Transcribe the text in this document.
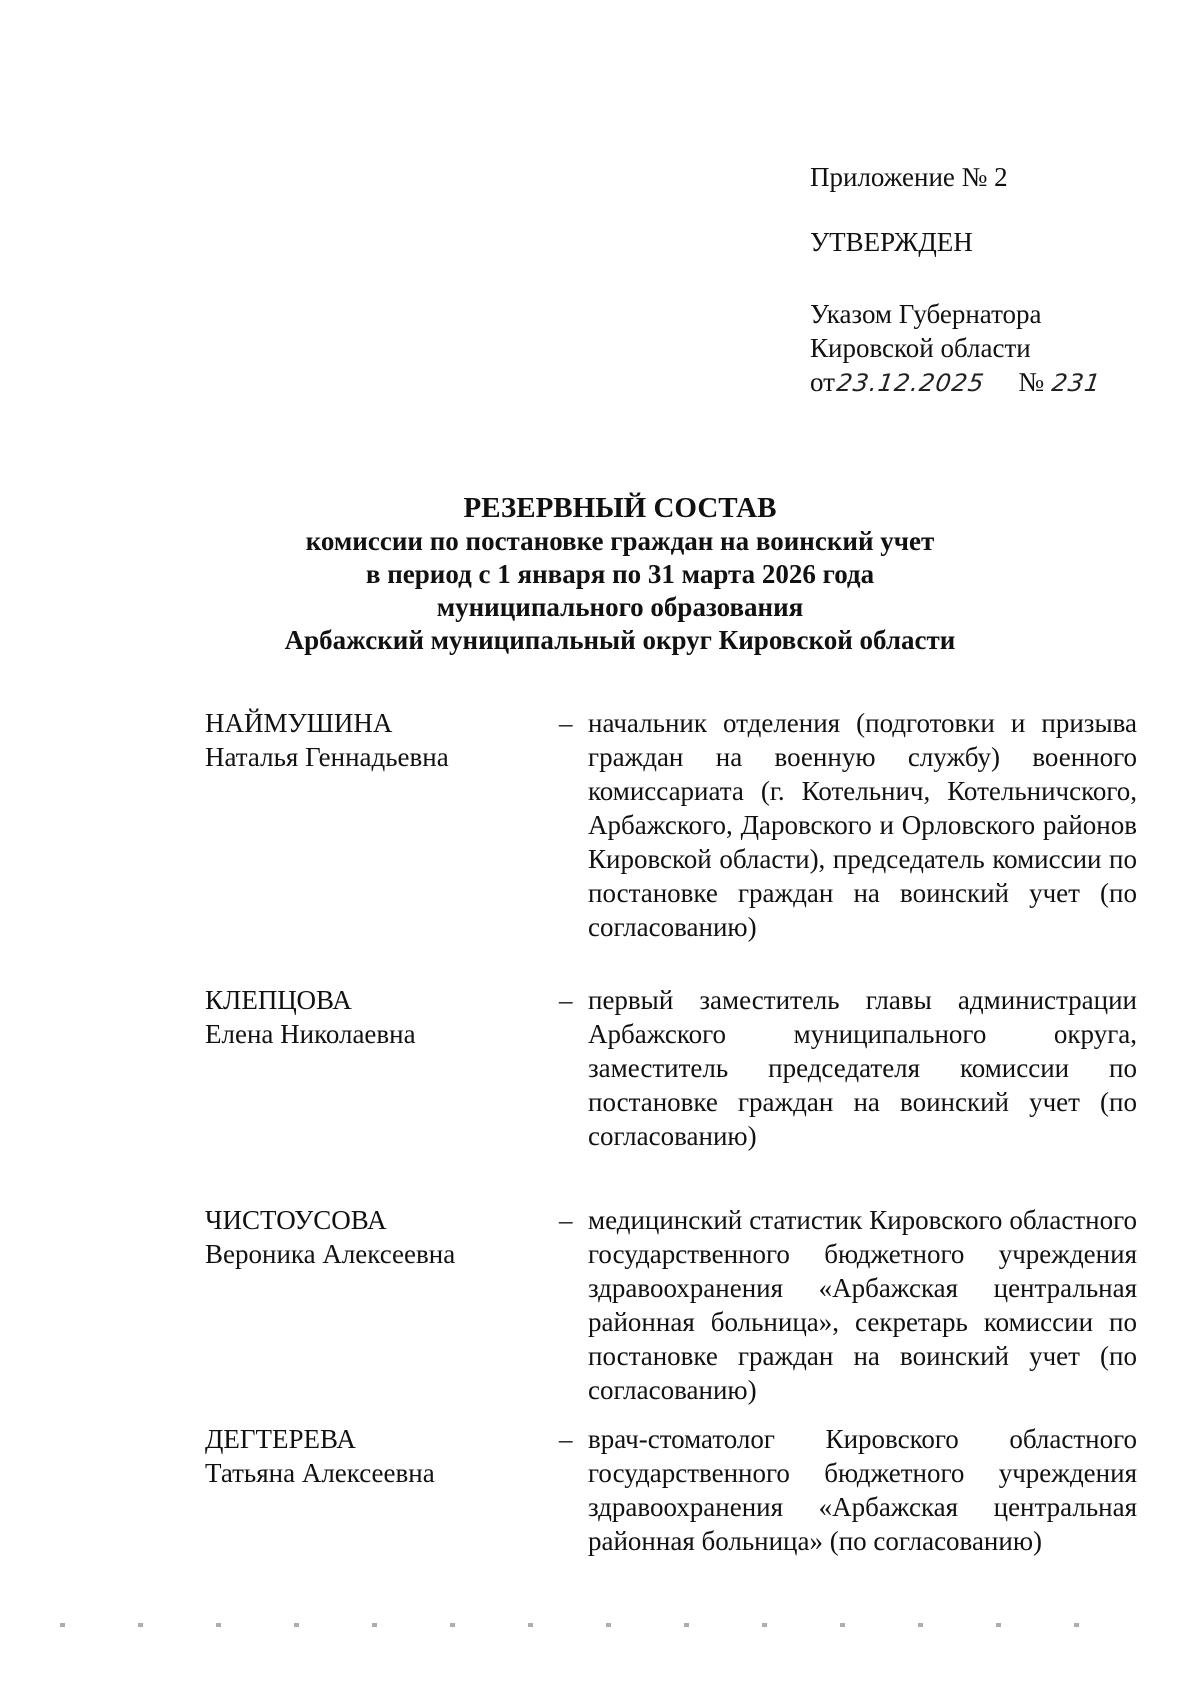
Приложение № 2
УТВЕРЖДЕН
Указом Губернатора
Кировской области
от23.12.2025 № 231
РЕЗЕРВНЫЙ СОСТАВ
комиссии по постановке граждан на воинский учет
в период с 1 января по 31 марта 2026 года
муниципального образования
Арбажский муниципальный округ Кировской области
НАЙМУШИНА
Наталья Геннадьевна
– начальник отделения (подготовки и призыва граждан на военную службу) военного комиссариата (г. Котельнич, Котельничского, Арбажского, Даровского и Орловского районов Кировской области), председатель комиссии по постановке граждан на воинский учет (по согласованию)
КЛЕПЦОВА
Елена Николаевна
– первый заместитель главы администрации Арбажского муниципального округа, заместитель председателя комиссии по постановке граждан на воинский учет (по согласованию)
ЧИСТОУСОВА
Вероника Алексеевна
– медицинский статистик Кировского областного государственного бюджетного учреждения здравоохранения «Арбажская центральная районная больница», секретарь комиссии по постановке граждан на воинский учет (по согласованию)
ДЕГТЕРЕВА
Татьяна Алексеевна
– врач-стоматолог Кировского областного государственного бюджетного учреждения здравоохранения «Арбажская центральная районная больница» (по согласованию)
